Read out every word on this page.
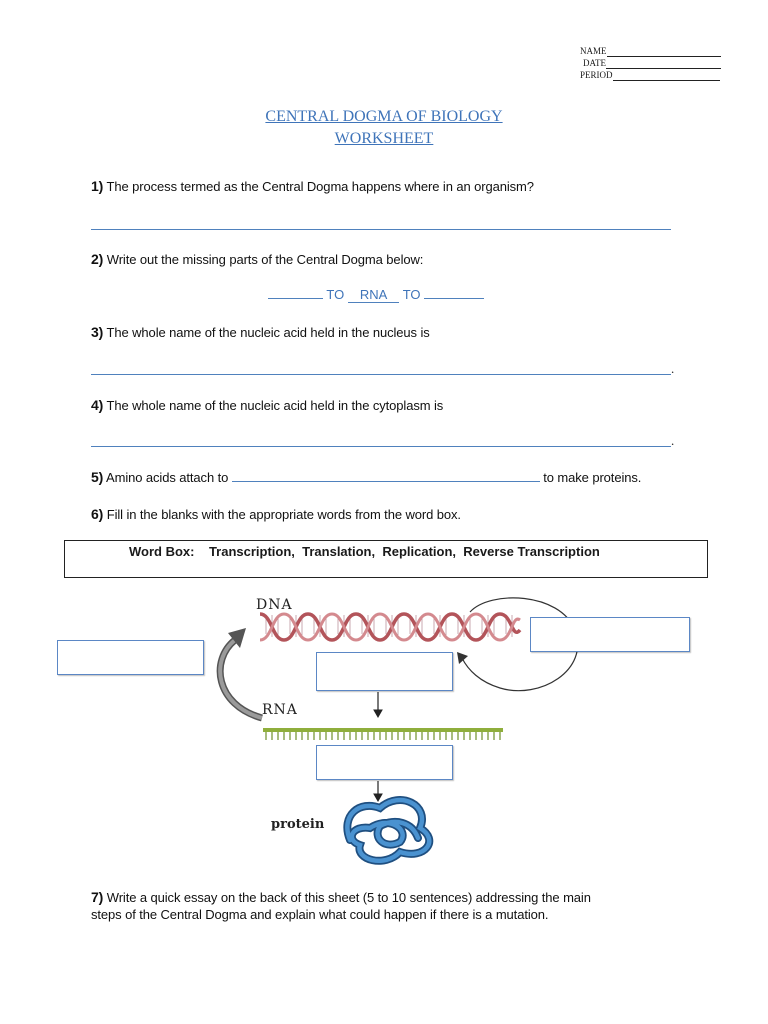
NAME
DATE
PERIOD
CENTRAL DOGMA OF BIOLOGY
WORKSHEET
1) The process termed as the Central Dogma happens where in an organism?
2) Write out the missing parts of the Central Dogma below:
TO RNA TO
3) The whole name of the nucleic acid held in the nucleus is
.
4) The whole name of the nucleic acid held in the cytoplasm is
.
5) Amino acids attach to	to make proteins.
6) Fill in the blanks with the appropriate words from the word box.
Word Box: Transcription, Translation, Replication, Reverse Transcription
DNA
RNA
protein
7) Write a quick essay on the back of this sheet (5 to 10 sentences) addressing the main
steps of the Central Dogma and explain what could happen if there is a mutation.
